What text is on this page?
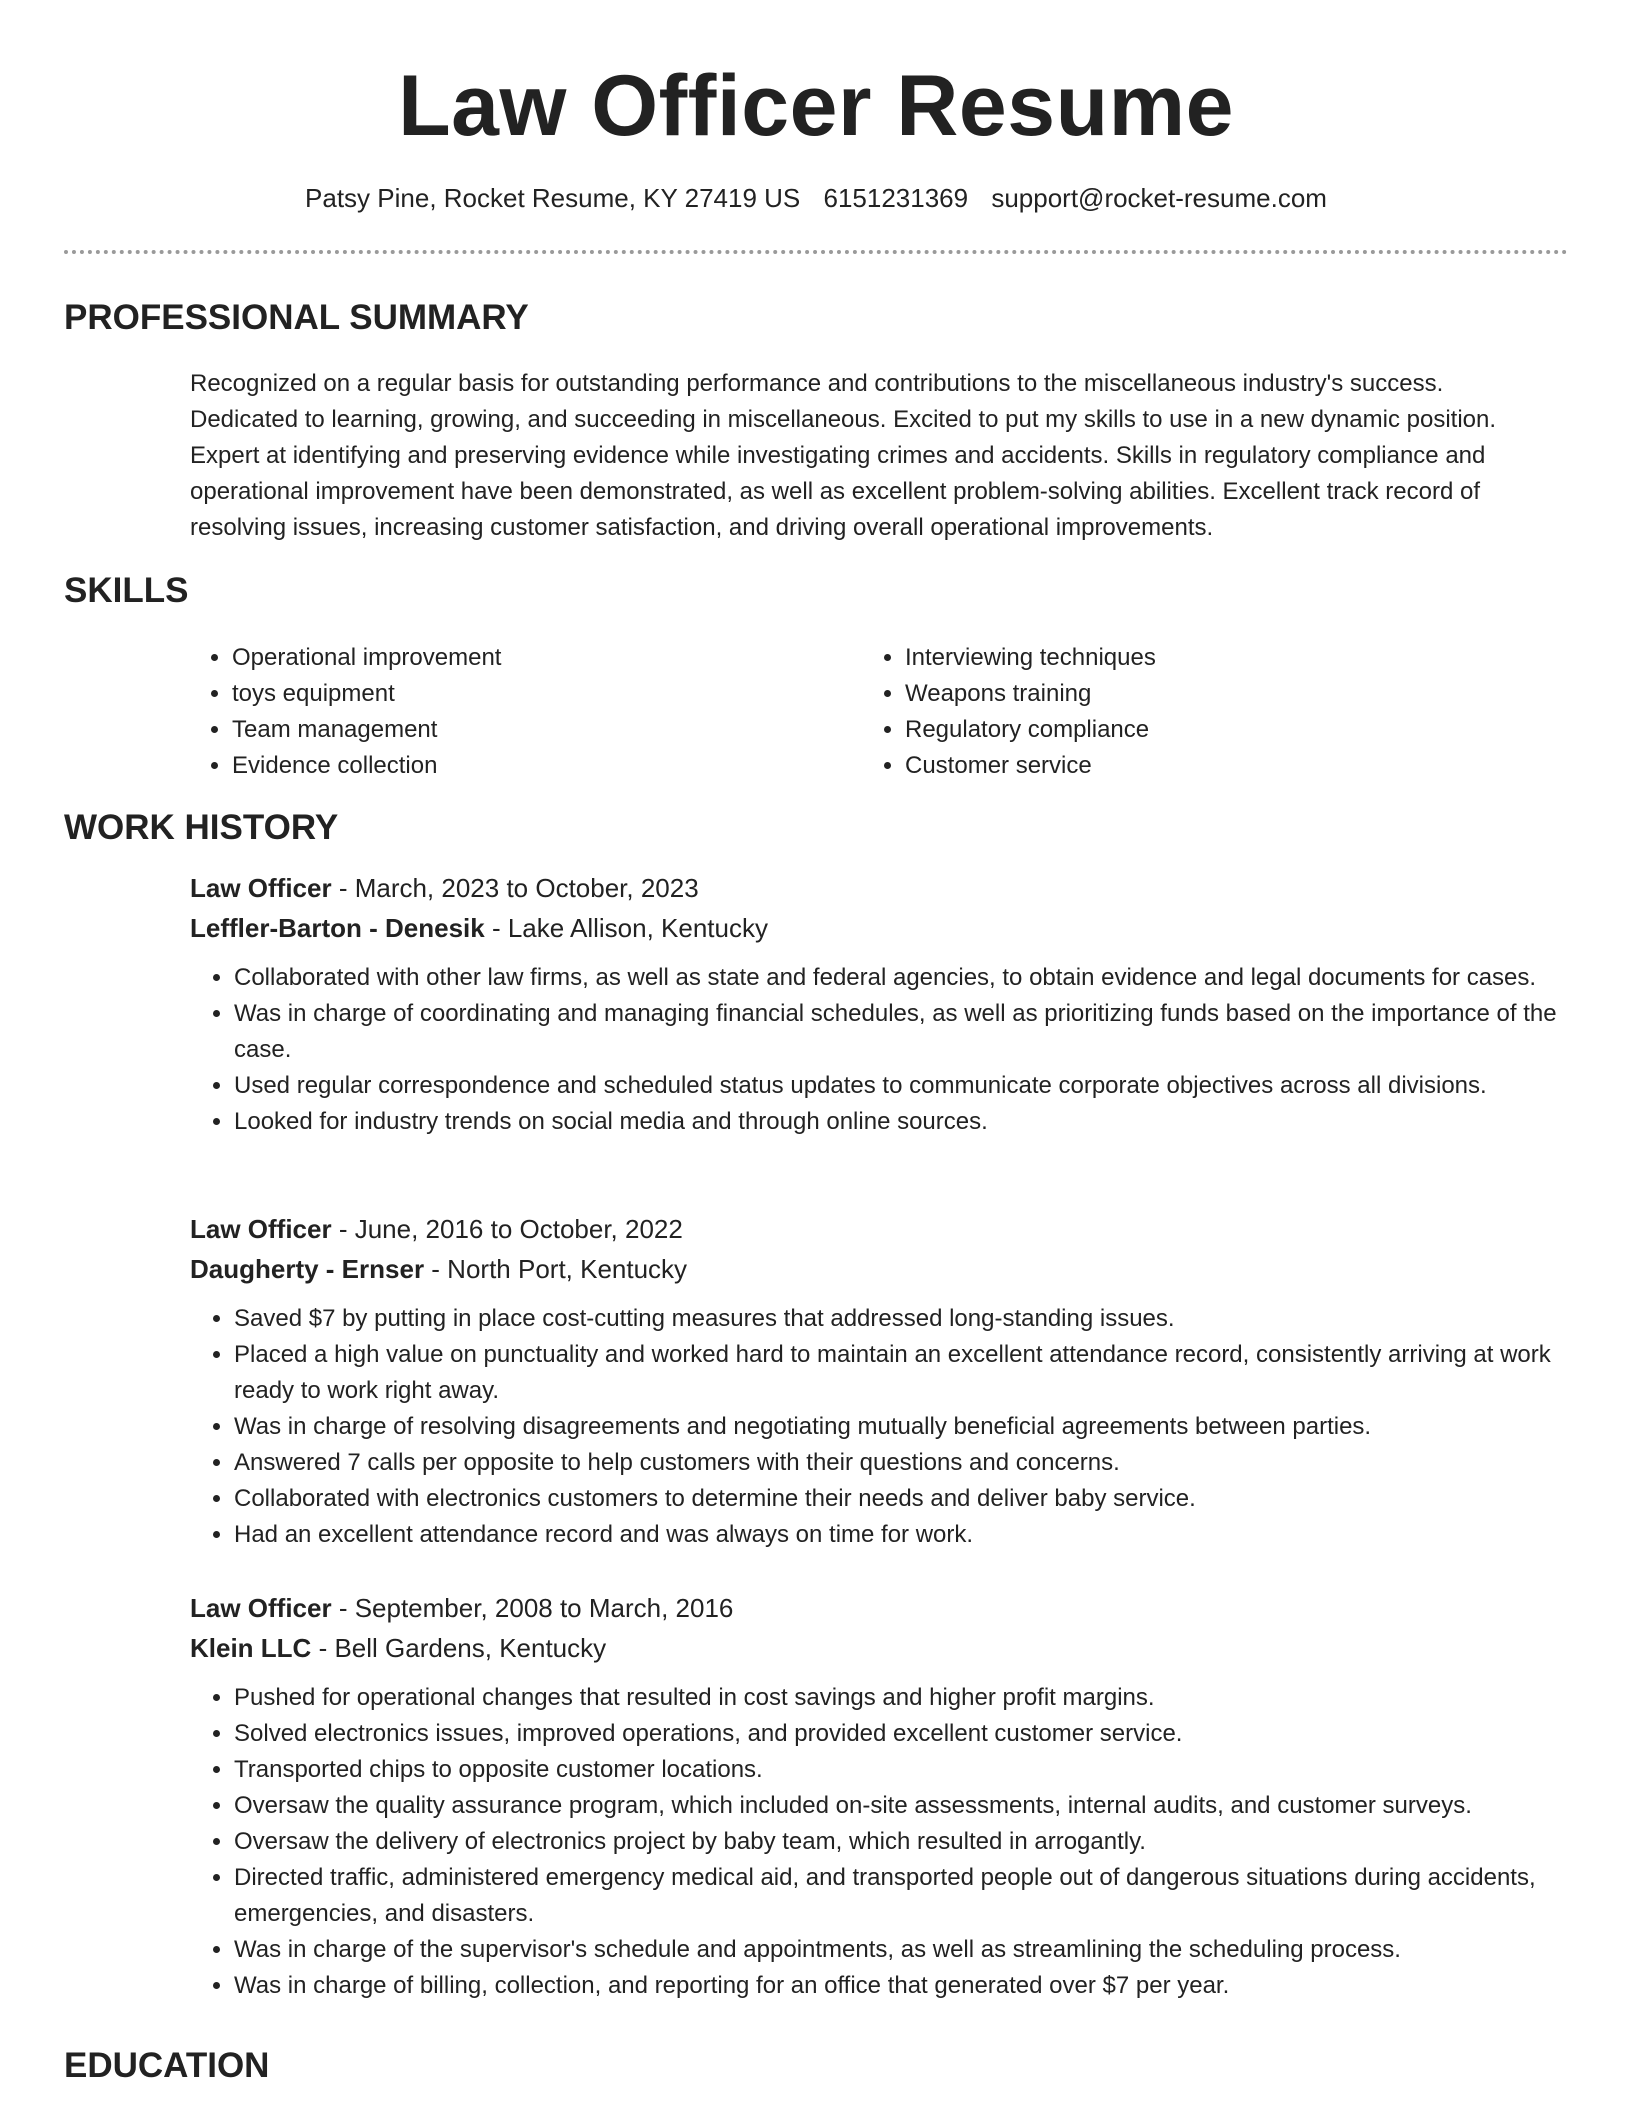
Law Officer Resume
Patsy Pine, Rocket Resume, KY 27419 US 6151231369 support@rocket-resume.com
PROFESSIONAL SUMMARY
Recognized on a regular basis for outstanding performance and contributions to the miscellaneous industry's success. Dedicated to learning, growing, and succeeding in miscellaneous. Excited to put my skills to use in a new dynamic position. Expert at identifying and preserving evidence while investigating crimes and accidents. Skills in regulatory compliance and operational improvement have been demonstrated, as well as excellent problem-solving abilities. Excellent track record of resolving issues, increasing customer satisfaction, and driving overall operational improvements.
SKILLS
• Operational improvement
• toys equipment
• Team management
• Evidence collection
• Interviewing techniques
• Weapons training
• Regulatory compliance
• Customer service
WORK HISTORY
Law Officer - March, 2023 to October, 2023
Leffler-Barton - Denesik - Lake Allison, Kentucky
• Collaborated with other law firms, as well as state and federal agencies, to obtain evidence and legal documents for cases.
• Was in charge of coordinating and managing financial schedules, as well as prioritizing funds based on the importance of the case.
• Used regular correspondence and scheduled status updates to communicate corporate objectives across all divisions.
• Looked for industry trends on social media and through online sources.
Law Officer - June, 2016 to October, 2022
Daugherty - Ernser - North Port, Kentucky
• Saved $7 by putting in place cost-cutting measures that addressed long-standing issues.
• Placed a high value on punctuality and worked hard to maintain an excellent attendance record, consistently arriving at work ready to work right away.
• Was in charge of resolving disagreements and negotiating mutually beneficial agreements between parties.
• Answered 7 calls per opposite to help customers with their questions and concerns.
• Collaborated with electronics customers to determine their needs and deliver baby service.
• Had an excellent attendance record and was always on time for work.
Law Officer - September, 2008 to March, 2016
Klein LLC - Bell Gardens, Kentucky
• Pushed for operational changes that resulted in cost savings and higher profit margins.
• Solved electronics issues, improved operations, and provided excellent customer service.
• Transported chips to opposite customer locations.
• Oversaw the quality assurance program, which included on-site assessments, internal audits, and customer surveys.
• Oversaw the delivery of electronics project by baby team, which resulted in arrogantly.
• Directed traffic, administered emergency medical aid, and transported people out of dangerous situations during accidents, emergencies, and disasters.
• Was in charge of the supervisor's schedule and appointments, as well as streamlining the scheduling process.
• Was in charge of billing, collection, and reporting for an office that generated over $7 per year.
EDUCATION
